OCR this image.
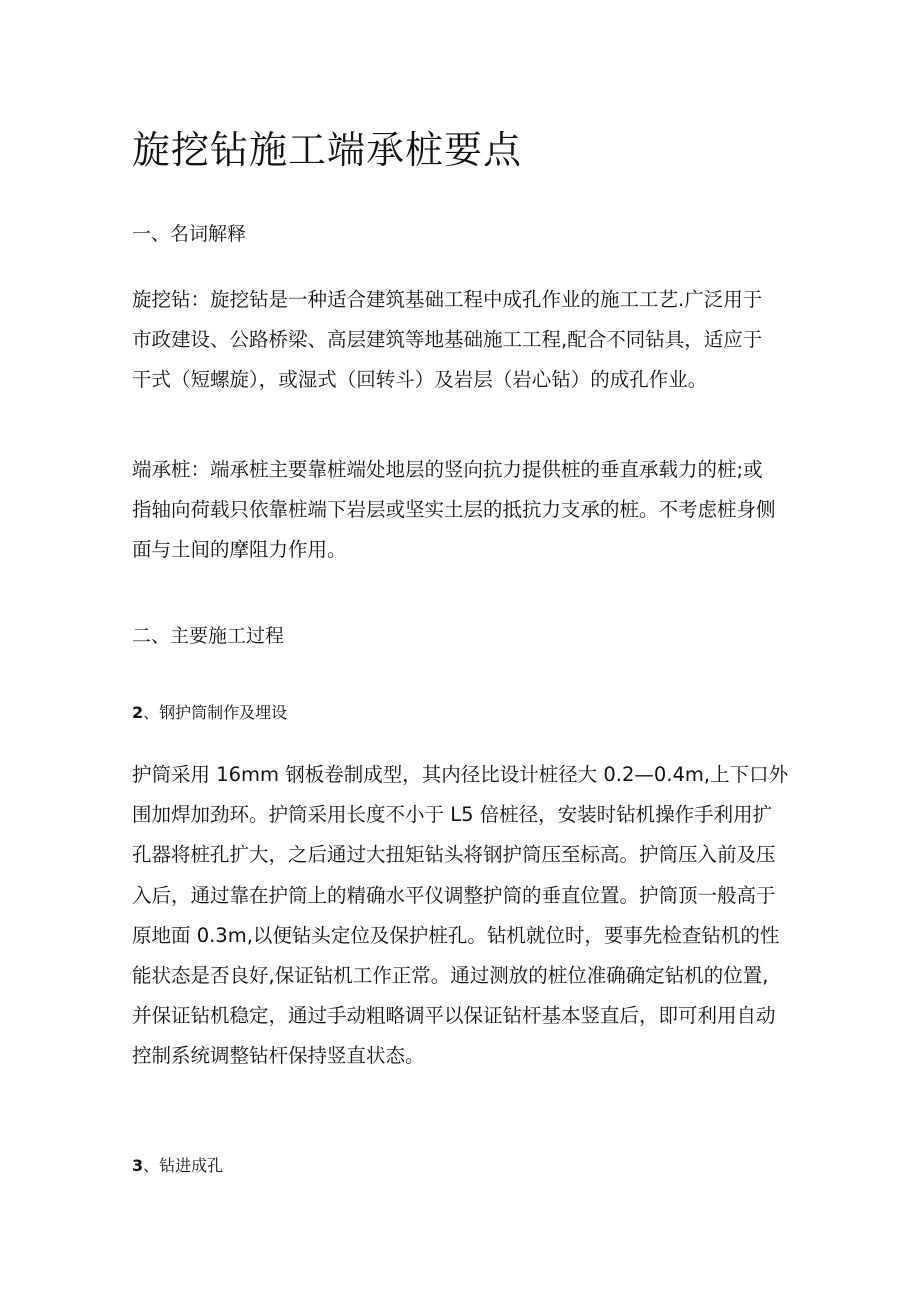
旋挖钻施工端承桩要点
一、名词解释
旋挖钻：旋挖钻是一种适合建筑基础工程中成孔作业的施工工艺.广泛用于
市政建设、公路桥梁、高层建筑等地基础施工工程,配合不同钻具，适应于
干式（短螺旋），或湿式（回转斗）及岩层（岩心钻）的成孔作业。
端承桩：端承桩主要靠桩端处地层的竖向抗力提供桩的垂直承载力的桩;或
指轴向荷载只依靠桩端下岩层或坚实土层的抵抗力支承的桩。不考虑桩身侧
面与土间的摩阻力作用。
二、主要施工过程
2、钢护筒制作及埋设
护筒采用 16mm 钢板卷制成型，其内径比设计桩径大 0.2—0.4m,上下口外
围加焊加劲环。护筒采用长度不小于 L5 倍桩径，安装时钻机操作手利用扩
孔器将桩孔扩大，之后通过大扭矩钻头将钢护筒压至标高。护筒压入前及压
入后，通过靠在护筒上的精确水平仪调整护筒的垂直位置。护筒顶一般高于
原地面 0.3m,以便钻头定位及保护桩孔。钻机就位时，要事先检查钻机的性
能状态是否良好,保证钻机工作正常。通过测放的桩位准确确定钻机的位置,
并保证钻机稳定，通过手动粗略调平以保证钻杆基本竖直后，即可利用自动
控制系统调整钻杆保持竖直状态。
3、钻进成孔
